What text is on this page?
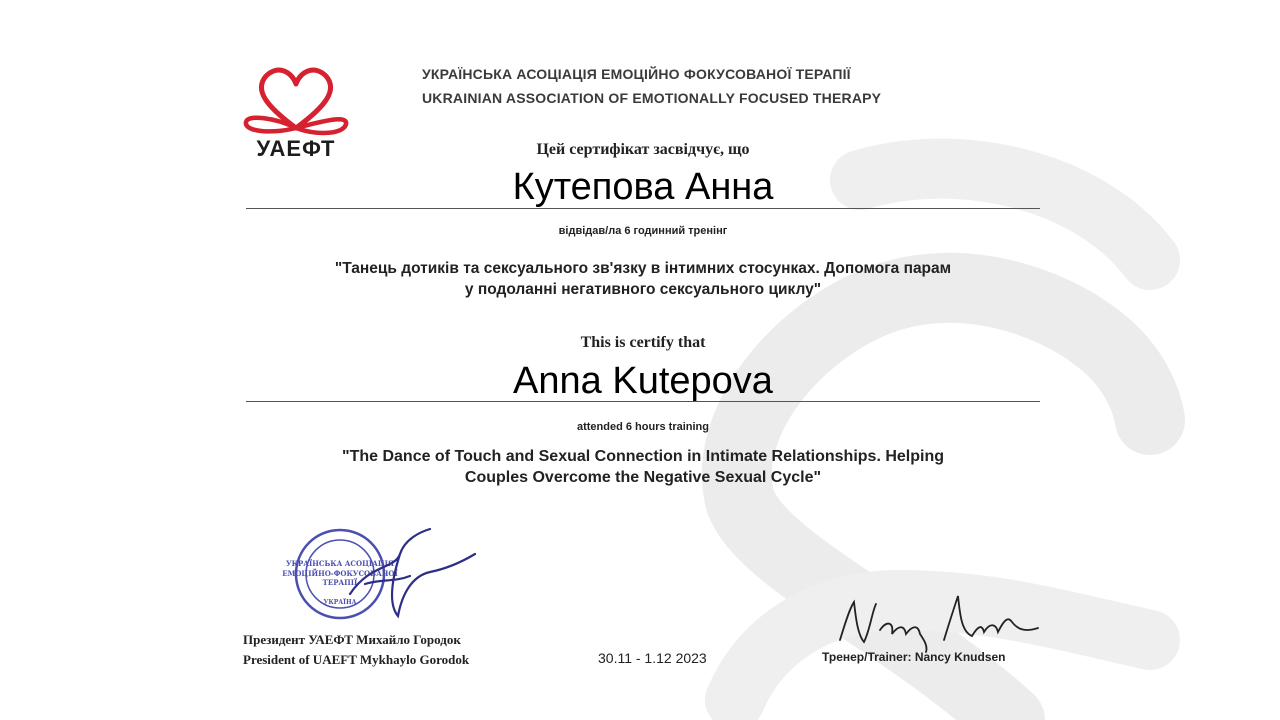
УАЕФТ
УКРАЇНСЬКА АСОЦІАЦІЯ ЕМОЦІЙНО ФОКУСОВАНОЇ ТЕРАПІЇ
UKRAINIAN ASSOCIATION OF EMOTIONALLY FOCUSED THERAPY
Цей сертифікат засвідчує, що
Кутепова Анна
відвідав/ла 6 годинний тренінг
"Танець дотиків та сексуального зв'язку в інтимних стосунках. Допомога парам
у подоланні негативного сексуального циклу"
This is certify that
Anna Kutepova
attended 6 hours training
"The Dance of Touch and Sexual Connection in Intimate Relationships. Helping
Couples Overcome the Negative Sexual Cycle"
УКРАЇНСЬКА АСОЦІАЦІЯ
ЕМОЦІЙНО-ФОКУСОВАНОЇ
ТЕРАПІЇ
УКРАЇНА
Президент УАЕФТ Михайло Городок
President of UAEFT Mykhaylo Gorodok	30.11 - 1.12 2023	Тренер/Trainer: Nancy Knudsen
